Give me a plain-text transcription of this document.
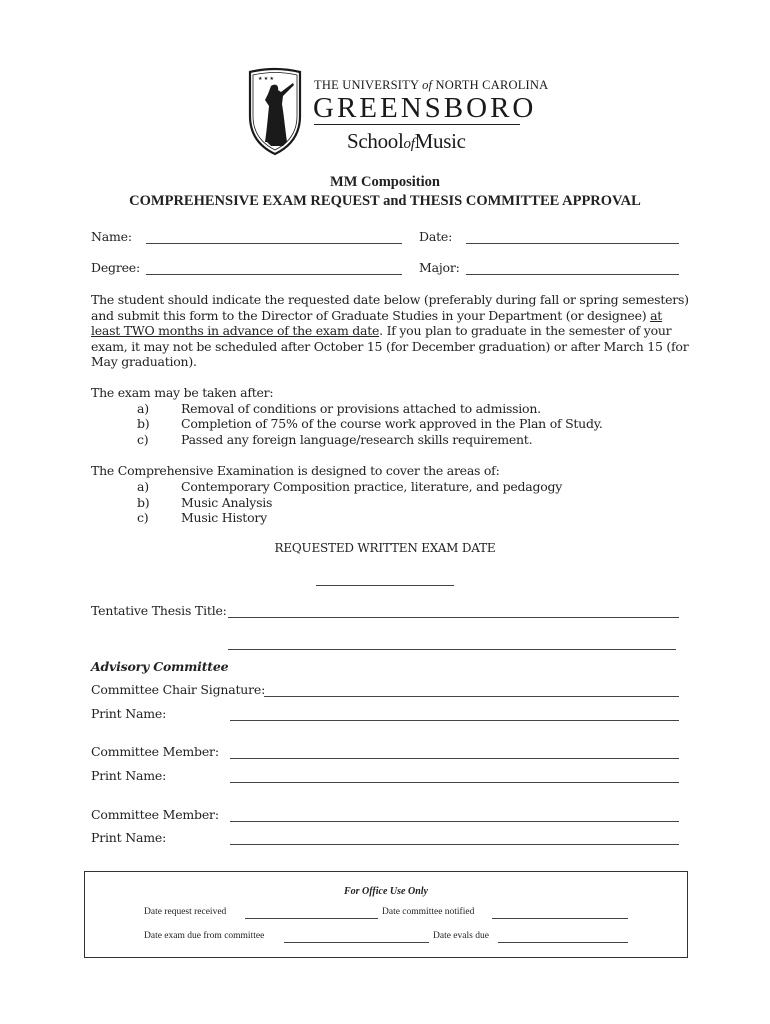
★ ★ ★	THE UNIVERSITY of NORTH CAROLINA
GREENSBORO
SchoolofMusic
MM Composition
COMPREHENSIVE EXAM REQUEST and THESIS COMMITTEE APPROVAL
Name:	Date:
Degree:	Major:
The student should indicate the requested date below (preferably during fall or spring semesters) and submit this form to the Director of Graduate Studies in your Department (or designee) at least TWO months in advance of the exam date. If you plan to graduate in the semester of your exam, it may not be scheduled after October 15 (for December graduation) or after March 15 (for May graduation).
The exam may be taken after:
a)	Removal of conditions or provisions attached to admission.
b)	Completion of 75% of the course work approved in the Plan of Study.
c)	Passed any foreign language/research skills requirement.
The Comprehensive Examination is designed to cover the areas of:
a)	Contemporary Composition practice, literature, and pedagogy
b)	Music Analysis
c)	Music History
REQUESTED WRITTEN EXAM DATE
Tentative Thesis Title:
Advisory Committee
Committee Chair Signature:
Print Name:
Committee Member:
Print Name:
Committee Member:
Print Name:
For Office Use Only
Date request received	Date committee notified
Date exam due from committee	Date evals due
